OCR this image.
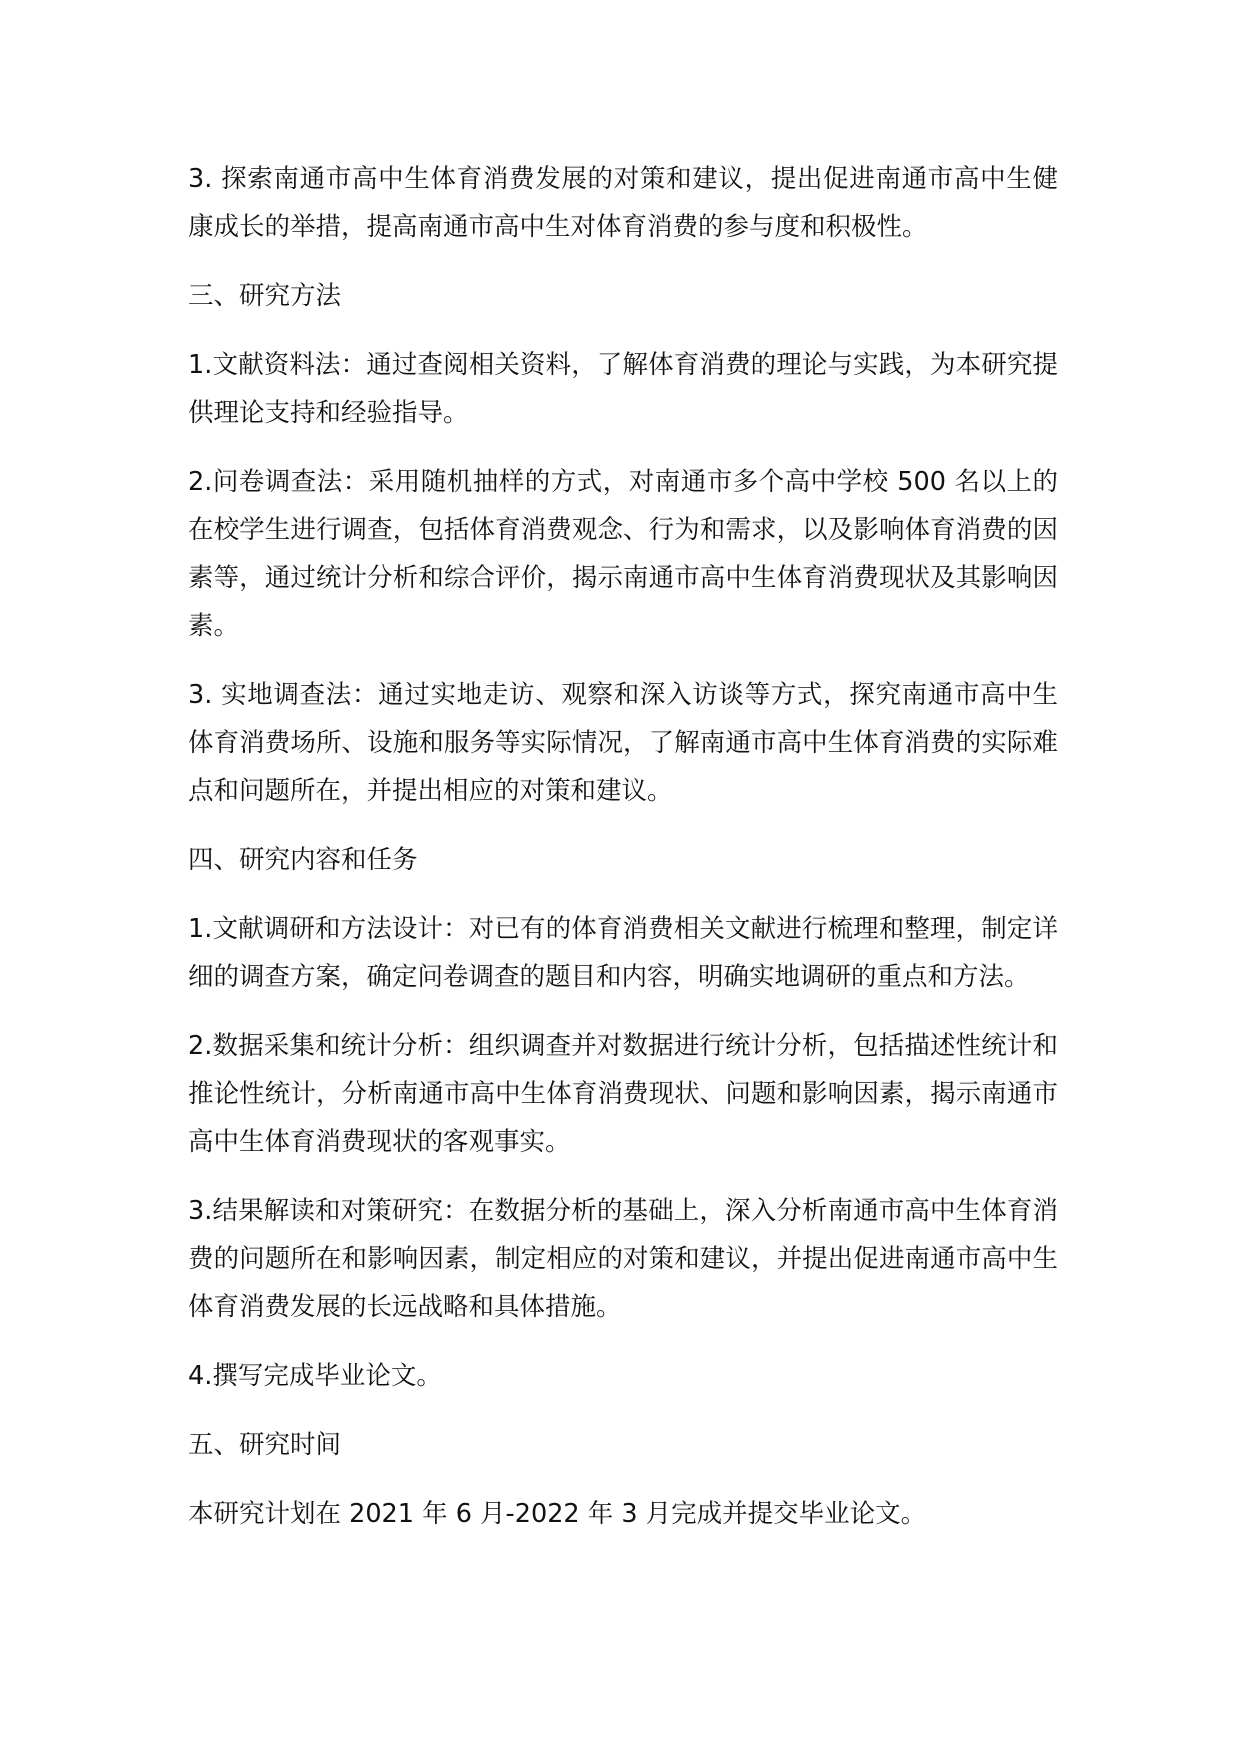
3. 探索南通市高中生体育消费发展的对策和建议，提出促进南通市高中生健康成长的举措，提高南通市高中生对体育消费的参与度和积极性。

三、研究方法

1.文献资料法：通过查阅相关资料，了解体育消费的理论与实践，为本研究提供理论支持和经验指导。

2.问卷调查法：采用随机抽样的方式，对南通市多个高中学校 500 名以上的在校学生进行调查，包括体育消费观念、行为和需求，以及影响体育消费的因素等，通过统计分析和综合评价，揭示南通市高中生体育消费现状及其影响因素。

3. 实地调查法：通过实地走访、观察和深入访谈等方式，探究南通市高中生体育消费场所、设施和服务等实际情况，了解南通市高中生体育消费的实际难点和问题所在，并提出相应的对策和建议。

四、研究内容和任务

1.文献调研和方法设计：对已有的体育消费相关文献进行梳理和整理，制定详细的调查方案，确定问卷调查的题目和内容，明确实地调研的重点和方法。

2.数据采集和统计分析：组织调查并对数据进行统计分析，包括描述性统计和推论性统计，分析南通市高中生体育消费现状、问题和影响因素，揭示南通市高中生体育消费现状的客观事实。

3.结果解读和对策研究：在数据分析的基础上，深入分析南通市高中生体育消费的问题所在和影响因素，制定相应的对策和建议，并提出促进南通市高中生体育消费发展的长远战略和具体措施。

4.撰写完成毕业论文。

五、研究时间

本研究计划在 2021 年 6 月-2022 年 3 月完成并提交毕业论文。
